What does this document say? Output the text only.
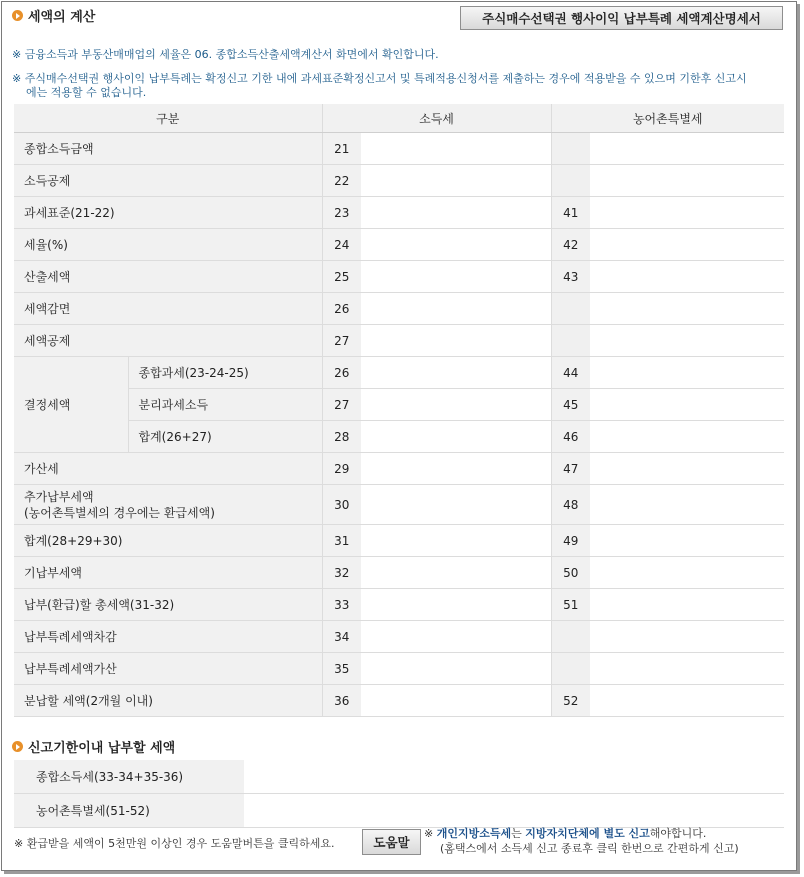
세액의 계산	주식매수선택권 행사이익 납부특례 세액계산명세서
※ 금융소득과 부동산매매업의 세율은 06. 종합소득산출세액계산서 화면에서 확인합니다.
※ 주식매수선택권 행사이익 납부특례는 확정신고 기한 내에 과세표준확정신고서 및 특례적용신청서를 제출하는 경우에 적용받을 수 있으며 기한후 신고시
에는 적용할 수 없습니다.
구분		소득세		농어촌특별세	
종합소득금액		21			
소득공제		22			
과세표준(21-22)		23		41	
세율(%)		24		42	
산출세액		25		43	
세액감면		26			
세액공제		27			
결정세액	종합과세(23-24-25)	26		44	
	분리과세소득	27		45	
	합계(26+27)	28		46	
가산세		29		47	

추가납부세액
(농어촌특별세의 경우에는 환급세액)		30		48	
합계(28+29+30)		31		49	
기납부세액		32		50	
납부(환급)할 총세액(31-32)		33		51	
납부특례세액차감		34			
납부특례세액가산		35			
분납할 세액(2개월 이내)		36		52	
신고기한이내 납부할 세액
종합소득세(33-34+35-36)	
농어촌특별세(51-52)	
※ 환급받을 세액이 5천만원 이상인 경우 도움말버튼을 클릭하세요.	도움말
※ 개인지방소득세는 지방자치단체에 별도 신고해야합니다.
(홈택스에서 소득세 신고 종료후 클릭 한번으로 간편하게 신고)
